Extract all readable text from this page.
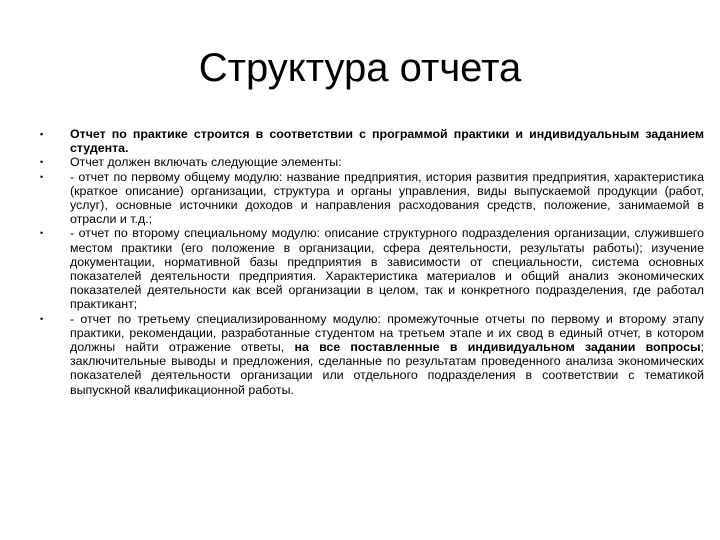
Структура отчета
• Отчет по практике строится в соответствии с программой практики и индивидуальным заданием студента.
• Отчет должен включать следующие элементы:
• - отчет по первому общему модулю: название предприятия, история развития предприятия, характеристика (краткое описание) организации, структура и органы управления, виды выпускаемой продукции (работ, услуг), основные источники доходов и направления расходования средств, положение, занимаемой в отрасли и т.д.;
• - отчет по второму специальному модулю: описание структурного подразделения организации, служившего местом практики (его положение в организации, сфера деятельности, результаты работы); изучение документации, нормативной базы предприятия в зависимости от специальности, система основных показателей деятельности предприятия. Характеристика материалов и общий анализ экономических показателей деятельности как всей организации в целом, так и конкретного подразделения, где работал практикант;
• - отчет по третьему специализированному модулю: промежуточные отчеты по первому и второму этапу практики, рекомендации, разработанные студентом на третьем этапе и их свод в единый отчет, в котором должны найти отражение ответы, на все поставленные в индивидуальном задании вопросы; заключительные выводы и предложения, сделанные по результатам проведенного анализа экономических показателей деятельности организации или отдельного подразделения в соответствии с тематикой выпускной квалификационной работы.
